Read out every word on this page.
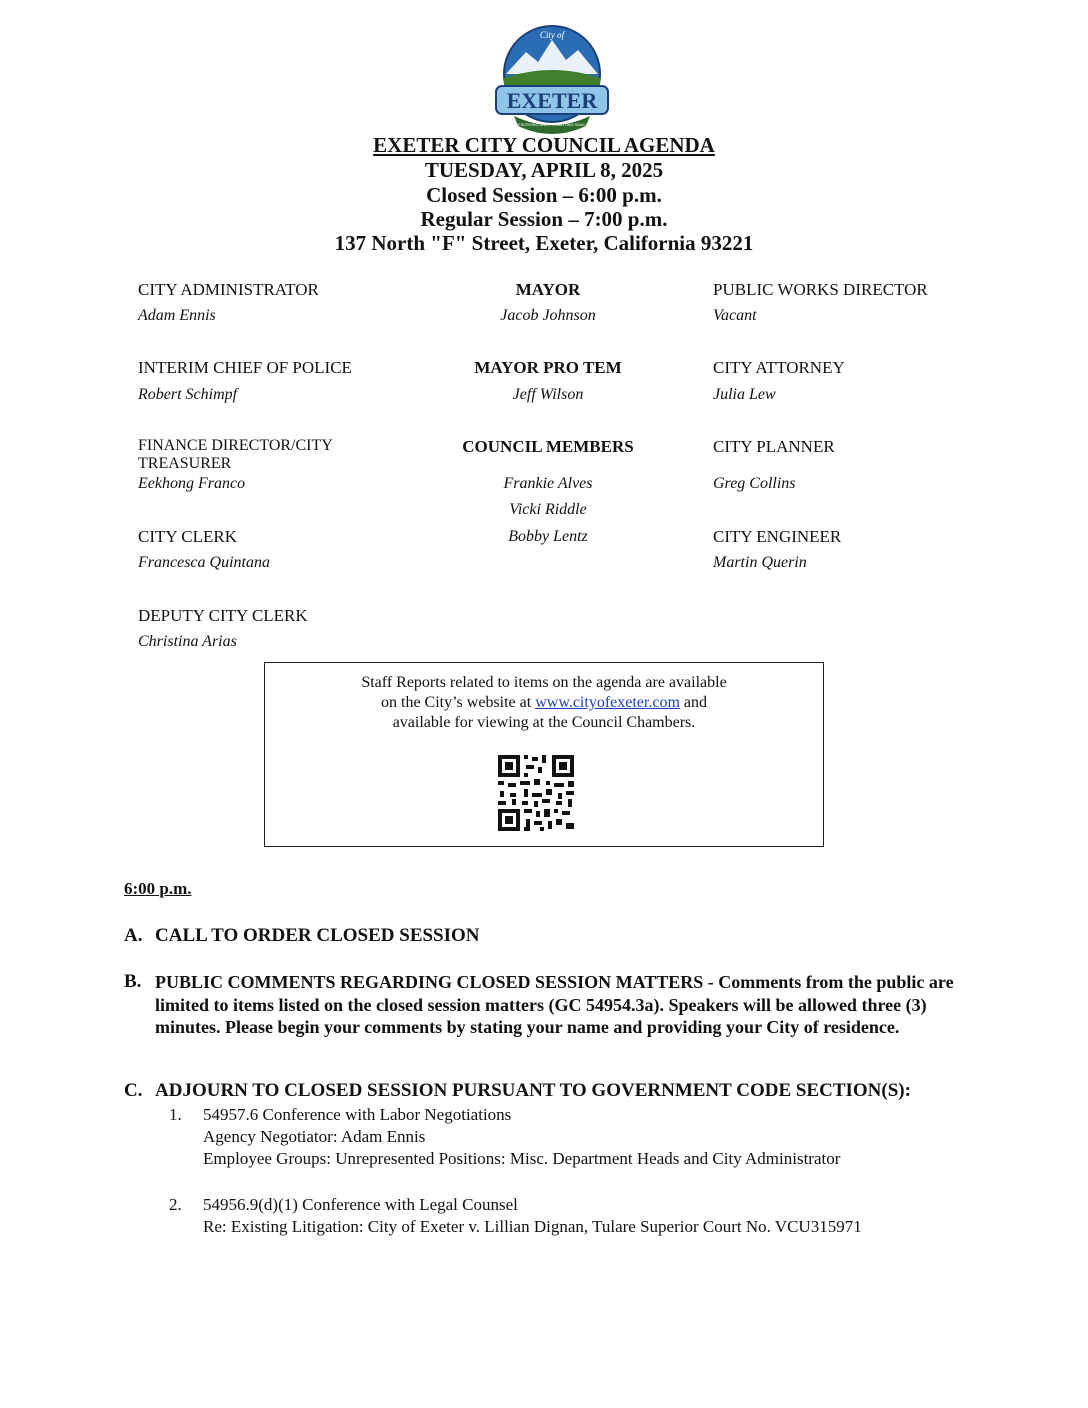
City of
EXETER
PROTECTING, PRESERVING AND PROMOTING SMALL TOWN AMERICA
EXETER CITY COUNCIL AGENDA
TUESDAY, APRIL 8, 2025
Closed Session – 6:00 p.m.
Regular Session – 7:00 p.m.
137 North "F" Street, Exeter, California 93221
CITY ADMINISTRATOR
Adam Ennis
INTERIM CHIEF OF POLICE
Robert Schimpf
FINANCE DIRECTOR/CITY TREASURER
Eekhong Franco
CITY CLERK
Francesca Quintana
DEPUTY CITY CLERK
Christina Arias
MAYOR
Jacob Johnson
MAYOR PRO TEM
Jeff Wilson
COUNCIL MEMBERS
Frankie Alves
Vicki Riddle
Bobby Lentz
PUBLIC WORKS DIRECTOR
Vacant
CITY ATTORNEY
Julia Lew
CITY PLANNER
Greg Collins
CITY ENGINEER
Martin Querin
Staff Reports related to items on the agenda are available
on the City’s website at www.cityofexeter.com and
available for viewing at the Council Chambers.
6:00 p.m.
A. CALL TO ORDER CLOSED SESSION
B. PUBLIC COMMENTS REGARDING CLOSED SESSION MATTERS - Comments from the public are limited to items listed on the closed session matters (GC 54954.3a). Speakers will be allowed three (3) minutes. Please begin your comments by stating your name and providing your City of residence.
C. ADJOURN TO CLOSED SESSION PURSUANT TO GOVERNMENT CODE SECTION(S):
1. 54957.6 Conference with Labor Negotiations
Agency Negotiator: Adam Ennis
Employee Groups: Unrepresented Positions: Misc. Department Heads and City Administrator
2. 54956.9(d)(1) Conference with Legal Counsel
Re: Existing Litigation: City of Exeter v. Lillian Dignan, Tulare Superior Court No. VCU315971
